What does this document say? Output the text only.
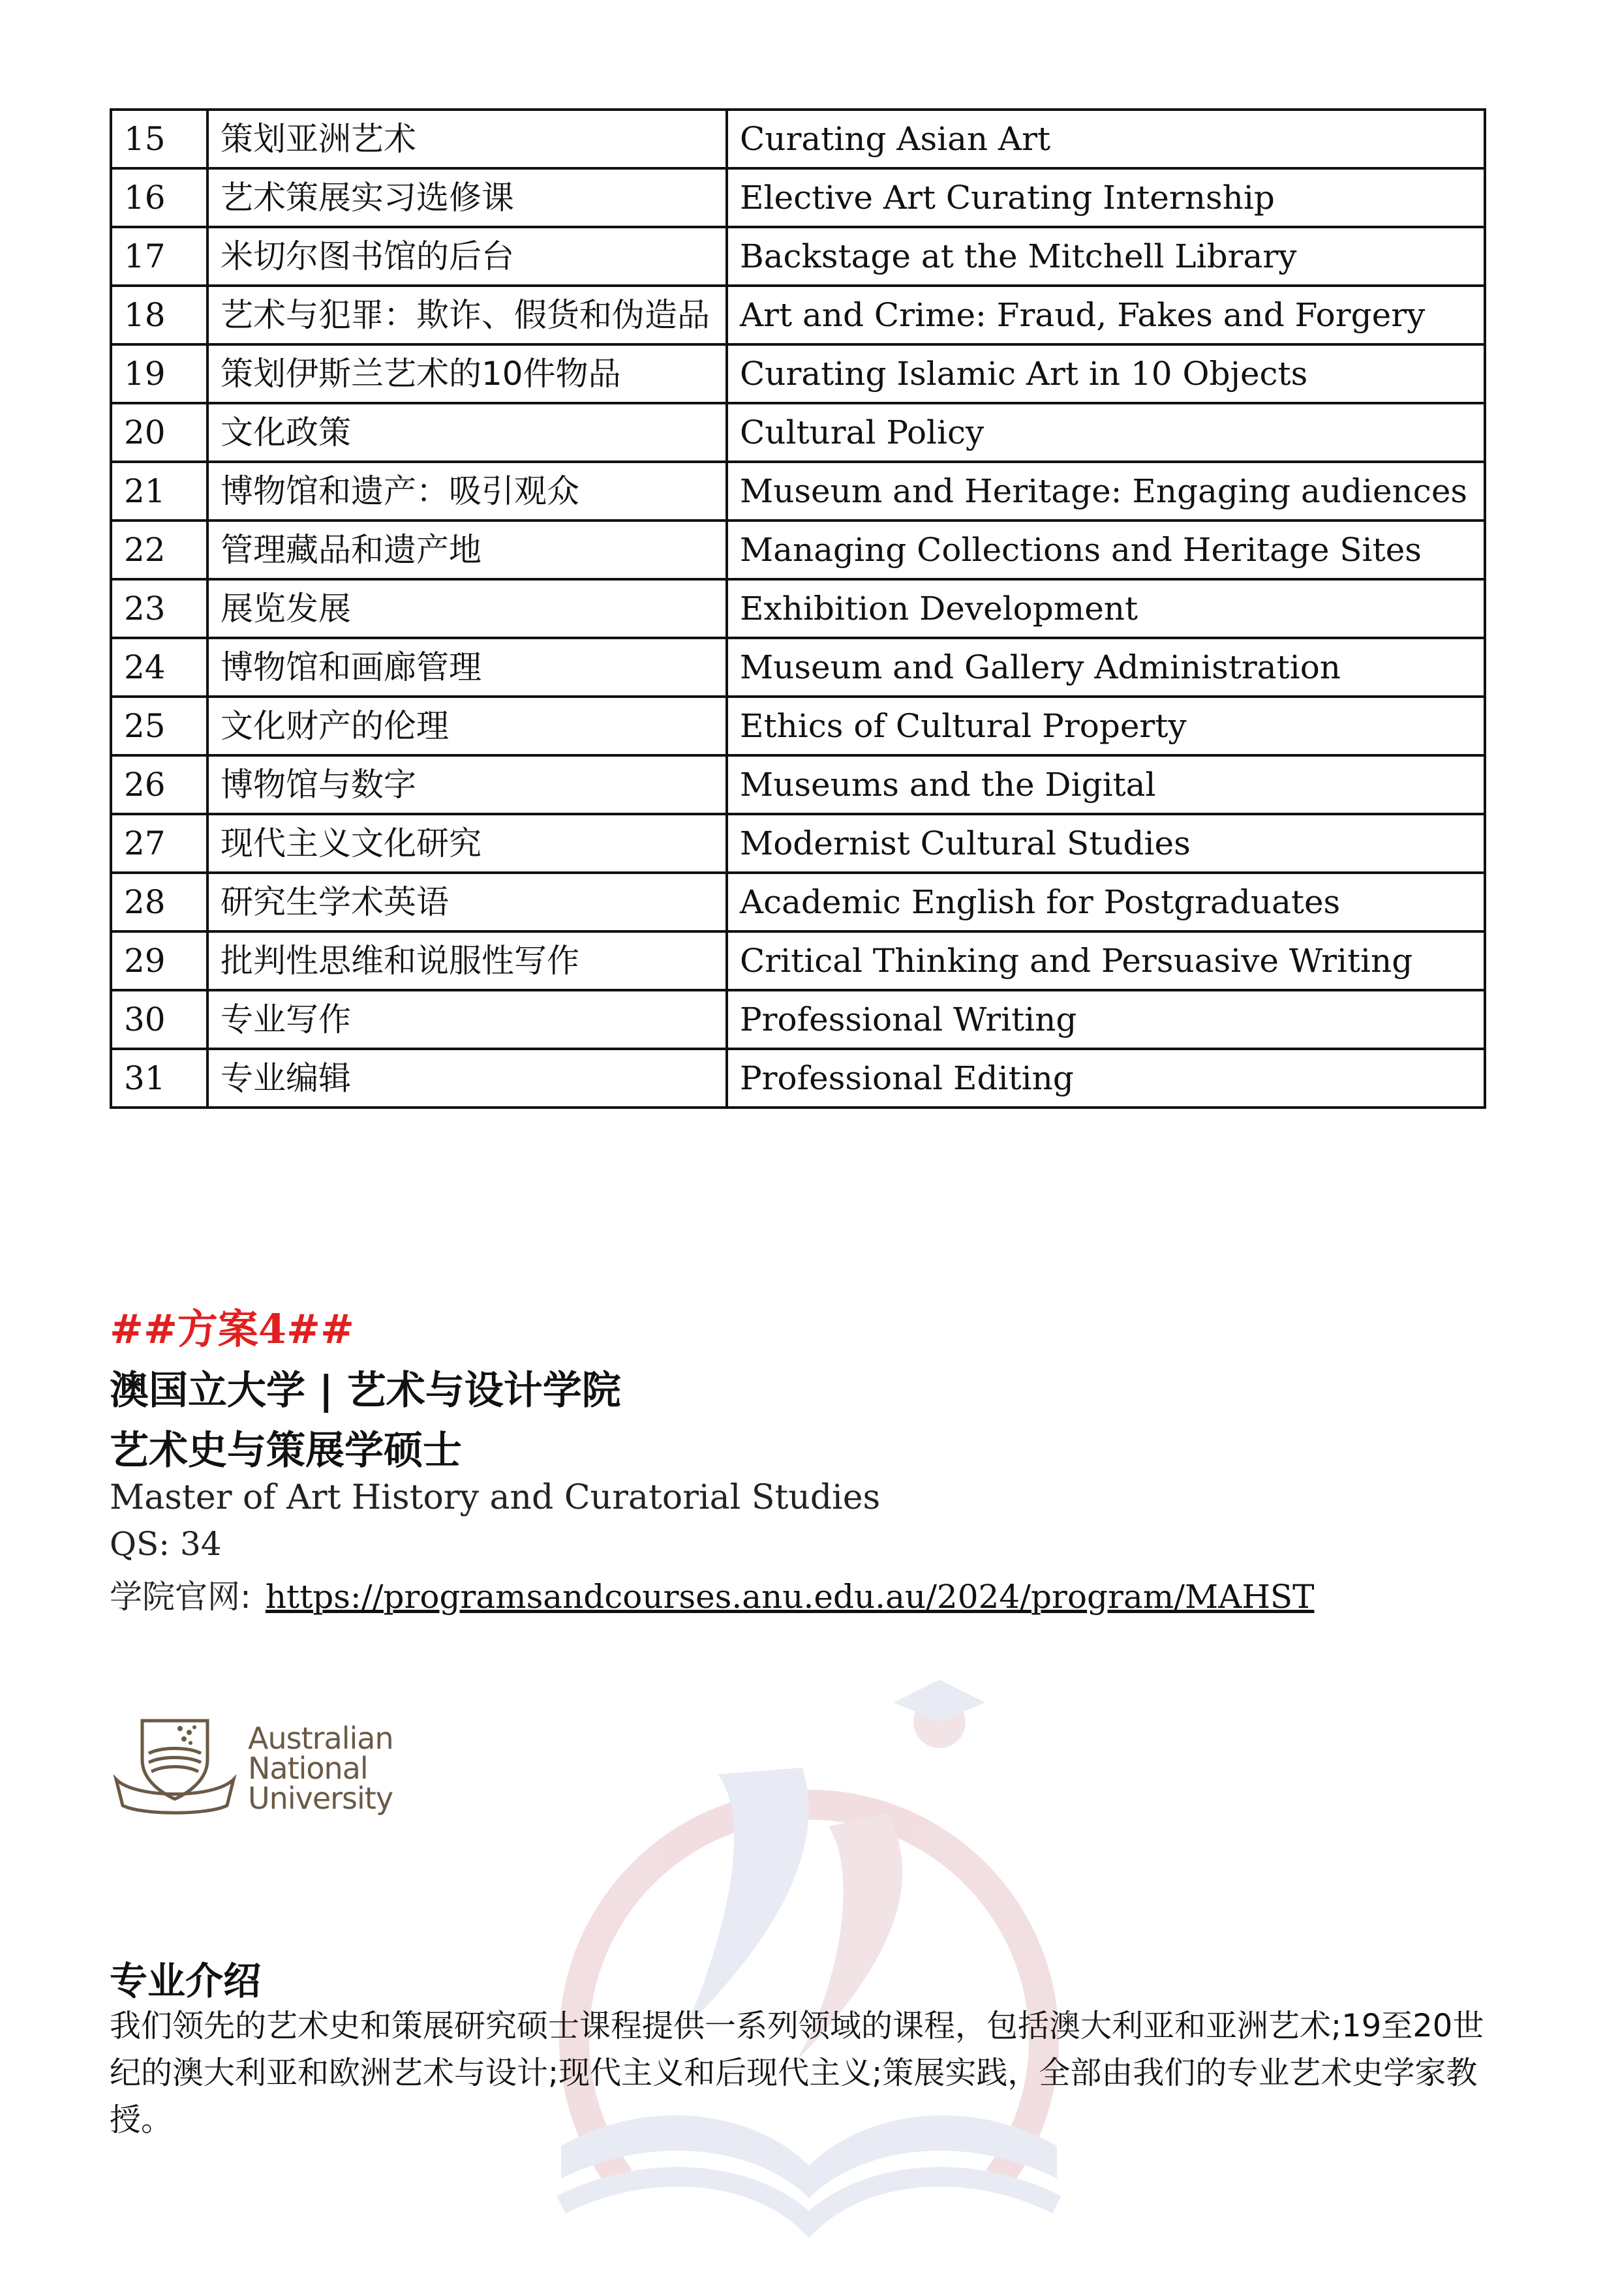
15	策划亚洲艺术	Curating Asian Art
16	艺术策展实习选修课	Elective Art Curating Internship
17	米切尔图书馆的后台	Backstage at the Mitchell Library
18	艺术与犯罪：欺诈、假货和伪造品	Art and Crime: Fraud, Fakes and Forgery
19	策划伊斯兰艺术的10件物品	Curating Islamic Art in 10 Objects
20	文化政策	Cultural Policy
21	博物馆和遗产：吸引观众	Museum and Heritage: Engaging audiences
22	管理藏品和遗产地	Managing Collections and Heritage Sites
23	展览发展	Exhibition Development
24	博物馆和画廊管理	Museum and Gallery Administration
25	文化财产的伦理	Ethics of Cultural Property
26	博物馆与数字	Museums and the Digital
27	现代主义文化研究	Modernist Cultural Studies
28	研究生学术英语	Academic English for Postgraduates
29	批判性思维和说服性写作	Critical Thinking and Persuasive Writing
30	专业写作	Professional Writing
31	专业编辑	Professional Editing
##方案4##
澳国立大学 | 艺术与设计学院
艺术史与策展学硕士
Master of Art History and Curatorial Studies
QS: 34
学院官网: https://programsandcourses.anu.edu.au/2024/program/MAHST
Australian
National
University
专业介绍
我们领先的艺术史和策展研究硕士课程提供一系列领域的课程，包括澳大利亚和亚洲艺术;19至20世纪的澳大利亚和欧洲艺术与设计;现代主义和后现代主义;策展实践，全部由我们的专业艺术史学家教授。
